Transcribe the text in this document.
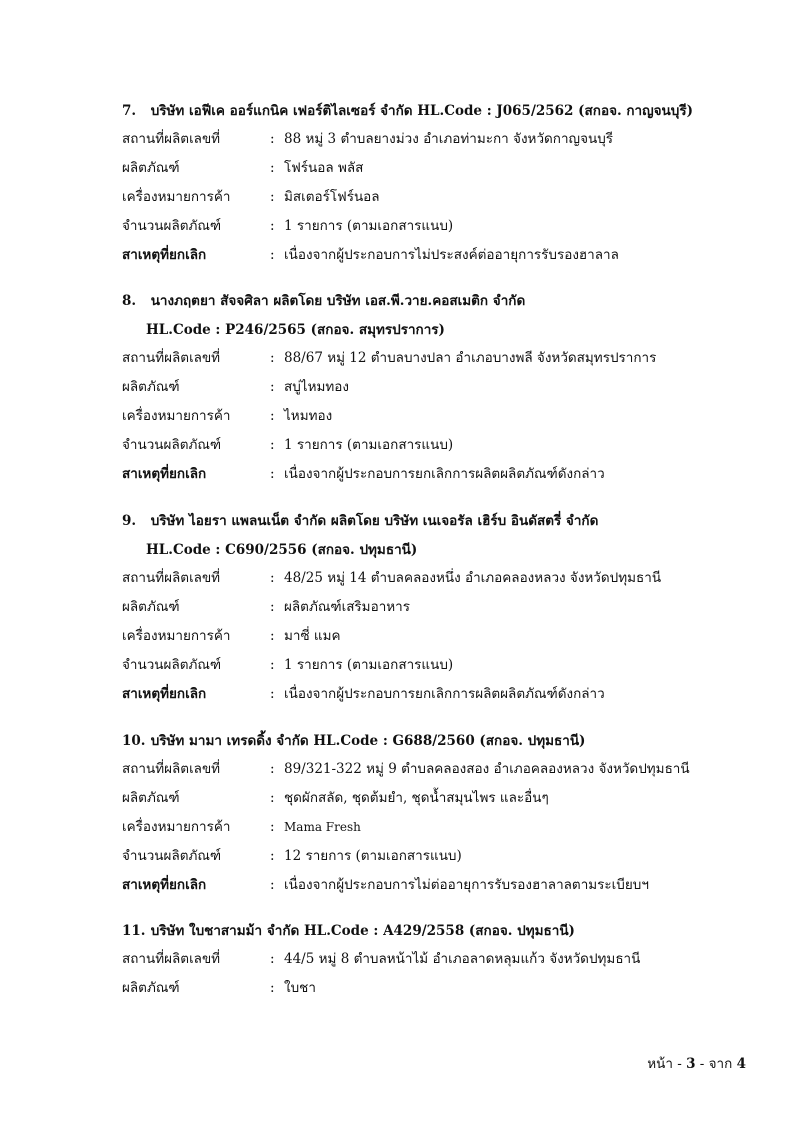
7. บริษัท เอฟีเค ออร์แกนิค เฟอร์ติไลเซอร์ จำกัด HL.Code : J065/2562 (สกอจ. กาญจนบุรี)
สถานที่ผลิตเลขที่	: 88 หมู่ 3 ตำบลยางม่วง อำเภอท่ามะกา จังหวัดกาญจนบุรี
ผลิตภัณฑ์	: โฟร์นอล พลัส
เครื่องหมายการค้า	: มิสเตอร์โฟร์นอล
จำนวนผลิตภัณฑ์	: 1 รายการ (ตามเอกสารแนบ)
สาเหตุที่ยกเลิก	: เนื่องจากผู้ประกอบการไม่ประสงค์ต่ออายุการรับรองฮาลาล
8. นางภฤตยา สัจจศิลา ผลิตโดย บริษัท เอส.พี.วาย.คอสเมติก จำกัด
HL.Code : P246/2565 (สกอจ. สมุทรปราการ)
สถานที่ผลิตเลขที่	: 88/67 หมู่ 12 ตำบลบางปลา อำเภอบางพลี จังหวัดสมุทรปราการ
ผลิตภัณฑ์	: สบู่ไหมทอง
เครื่องหมายการค้า	: ไหมทอง
จำนวนผลิตภัณฑ์	: 1 รายการ (ตามเอกสารแนบ)
สาเหตุที่ยกเลิก	: เนื่องจากผู้ประกอบการยกเลิกการผลิตผลิตภัณฑ์ดังกล่าว
9. บริษัท ไอยรา แพลนเน็ต จำกัด ผลิตโดย บริษัท เนเจอรัล เฮิร์บ อินดัสตรี่ จำกัด
HL.Code : C690/2556 (สกอจ. ปทุมธานี)
สถานที่ผลิตเลขที่	: 48/25 หมู่ 14 ตำบลคลองหนึ่ง อำเภอคลองหลวง จังหวัดปทุมธานี
ผลิตภัณฑ์	: ผลิตภัณฑ์เสริมอาหาร
เครื่องหมายการค้า	: มาซี่ แมค
จำนวนผลิตภัณฑ์	: 1 รายการ (ตามเอกสารแนบ)
สาเหตุที่ยกเลิก	: เนื่องจากผู้ประกอบการยกเลิกการผลิตผลิตภัณฑ์ดังกล่าว
10. บริษัท มามา เทรดดิ้ง จำกัด HL.Code : G688/2560 (สกอจ. ปทุมธานี)
สถานที่ผลิตเลขที่	: 89/321-322 หมู่ 9 ตำบลคลองสอง อำเภอคลองหลวง จังหวัดปทุมธานี
ผลิตภัณฑ์	: ชุดผักสลัด, ชุดต้มยำ, ชุดน้ำสมุนไพร และอื่นๆ
เครื่องหมายการค้า	: Mama Fresh
จำนวนผลิตภัณฑ์	: 12 รายการ (ตามเอกสารแนบ)
สาเหตุที่ยกเลิก	: เนื่องจากผู้ประกอบการไม่ต่ออายุการรับรองฮาลาลตามระเบียบฯ
11. บริษัท ใบชาสามม้า จำกัด HL.Code : A429/2558 (สกอจ. ปทุมธานี)
สถานที่ผลิตเลขที่	: 44/5 หมู่ 8 ตำบลหน้าไม้ อำเภอลาดหลุมแก้ว จังหวัดปทุมธานี
ผลิตภัณฑ์	: ใบชา
หน้า - 3 - จาก 4
